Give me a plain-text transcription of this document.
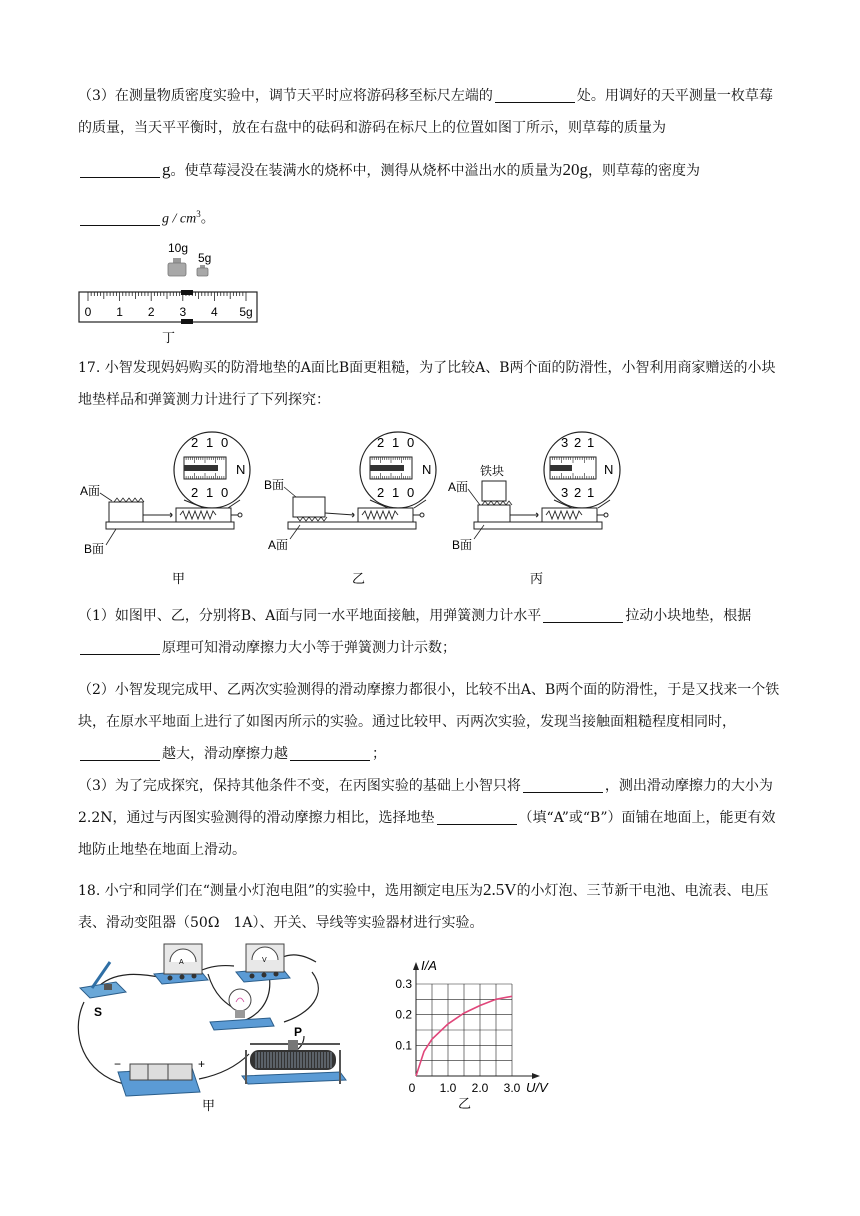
（3）在测量物质密度实验中，调节天平时应将游码移至标尺左端的	处。用调好的天平测量一枚草莓的质量，当天平平衡时，放在右盘中的砝码和游码在标尺上的位置如图丁所示，则草莓的质量为

g。使草莓浸没在装满水的烧杯中，测得从烧杯中溢出水的质量为20g，则草莓的密度为

g / $cm^3$。

10g
5g
0 1 2 3 4 5g
丁

17. 小智发现妈妈购买的防滑地垫的A面比B面更粗糙，为了比较A、B两个面的防滑性，小智利用商家赠送的小块地垫样品和弹簧测力计进行了下列探究：

2 1 0
N
2 1 0
A面
B面
甲
2 1 0
N
2 1 0
B面
A面
乙
3 2 1
N
3 2 1
铁块
A面
B面
丙

（1）如图甲、乙，分别将B、A面与同一水平地面接触，用弹簧测力计水平	拉动小块地垫，根据原理可知滑动摩擦力大小等于弹簧测力计示数；

（2）小智发现完成甲、乙两次实验测得的滑动摩擦力都很小，比较不出A、B两个面的防滑性，于是又找来一个铁块，在原水平地面上进行了如图丙所示的实验。通过比较甲、丙两次实验，发现当接触面粗糙程度相同时，越大，滑动摩擦力越	；

（3）为了完成探究，保持其他条件不变，在丙图实验的基础上小智只将	，测出滑动摩擦力的大小为2.2N，通过与丙图实验测得的滑动摩擦力相比，选择地垫	（填“A”或“B”）面铺在地面上，能更有效地防止地垫在地面上滑动。

18. 小宁和同学们在“测量小灯泡电阻”的实验中，选用额定电压为2.5V的小灯泡、三节新干电池、电流表、电压表、滑动变阻器（50Ω　1A）、开关、导线等实验器材进行实验。

S
A	V
−	+
P
甲
I/A
U/V
0 1.0 2.0 3.0
0.1
0.2
0.3
乙
